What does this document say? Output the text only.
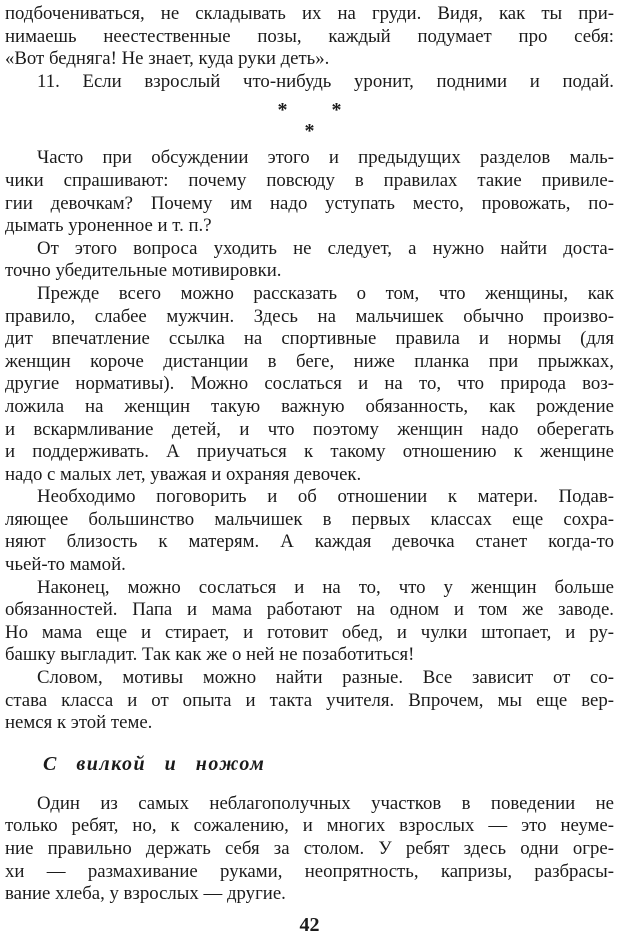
подбочениваться, не складывать их на груди. Видя, как ты при-
нимаешь неестественные позы, каждый подумает про себя:
«Вот бедняга! Не знает, куда руки деть».
11. Если взрослый что-нибудь уронит, подними и подай.
* *
*
Часто при обсуждении этого и предыдущих разделов маль-
чики спрашивают: почему повсюду в правилах такие привиле-
гии девочкам? Почему им надо уступать место, провожать, по-
дымать уроненное и т. п.?
От этого вопроса уходить не следует, а нужно найти доста-
точно убедительные мотивировки.
Прежде всего можно рассказать о том, что женщины, как
правило, слабее мужчин. Здесь на мальчишек обычно произво-
дит впечатление ссылка на спортивные правила и нормы (для
женщин короче дистанции в беге, ниже планка при прыжках,
другие нормативы). Можно сослаться и на то, что природа воз-
ложила на женщин такую важную обязанность, как рождение
и вскармливание детей, и что поэтому женщин надо оберегать
и поддерживать. А приучаться к такому отношению к женщине
надо с малых лет, уважая и охраняя девочек.
Необходимо поговорить и об отношении к матери. Подав-
ляющее большинство мальчишек в первых классах еще сохра-
няют близость к матерям. А каждая девочка станет когда-то
чьей-то мамой.
Наконец, можно сослаться и на то, что у женщин больше
обязанностей. Папа и мама работают на одном и том же заводе.
Но мама еще и стирает, и готовит обед, и чулки штопает, и ру-
башку выгладит. Так как же о ней не позаботиться!
Словом, мотивы можно найти разные. Все зависит от со-
става класса и от опыта и такта учителя. Впрочем, мы еще вер-
немся к этой теме.
С вилкой и ножом
Один из самых неблагополучных участков в поведении не
только ребят, но, к сожалению, и многих взрослых — это неуме-
ние правильно держать себя за столом. У ребят здесь одни огре-
хи — размахивание руками, неопрятность, капризы, разбрасы-
вание хлеба, у взрослых — другие.
42
